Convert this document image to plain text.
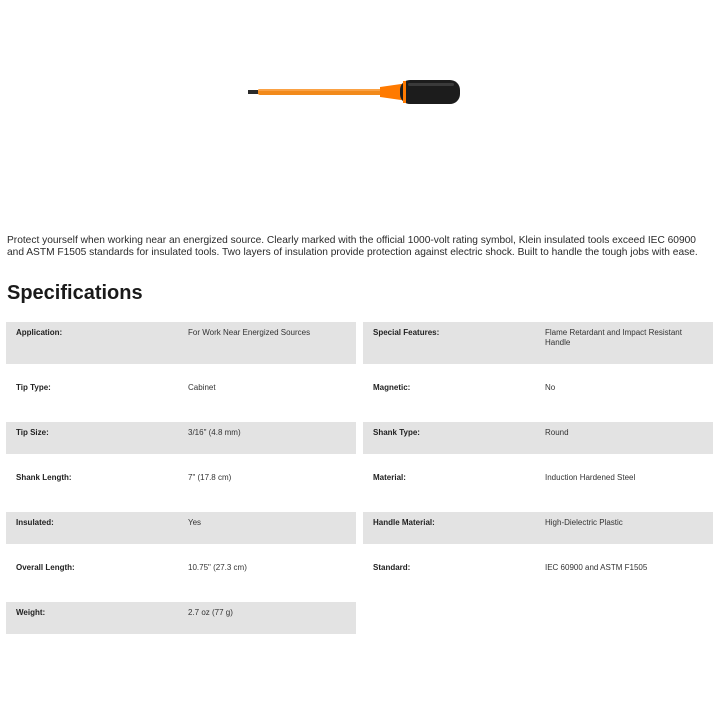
Protect yourself when working near an energized source. Clearly marked with the official 1000-volt rating symbol, Klein insulated tools exceed IEC 60900 and ASTM F1505 standards for insulated tools. Two layers of insulation provide protection against electric shock. Built to handle the tough jobs with ease.
Specifications
Application:	For Work Near Energized Sources
Tip Type:	Cabinet
Tip Size:	3/16" (4.8 mm)
Shank Length:	7" (17.8 cm)
Insulated:	Yes
Overall Length:	10.75" (27.3 cm)
Weight:	2.7 oz (77 g)
Special Features:	Flame Retardant and Impact Resistant Handle
Magnetic:	No
Shank Type:	Round
Material:	Induction Hardened Steel
Handle Material:	High-Dielectric Plastic
Standard:	IEC 60900 and ASTM F1505
